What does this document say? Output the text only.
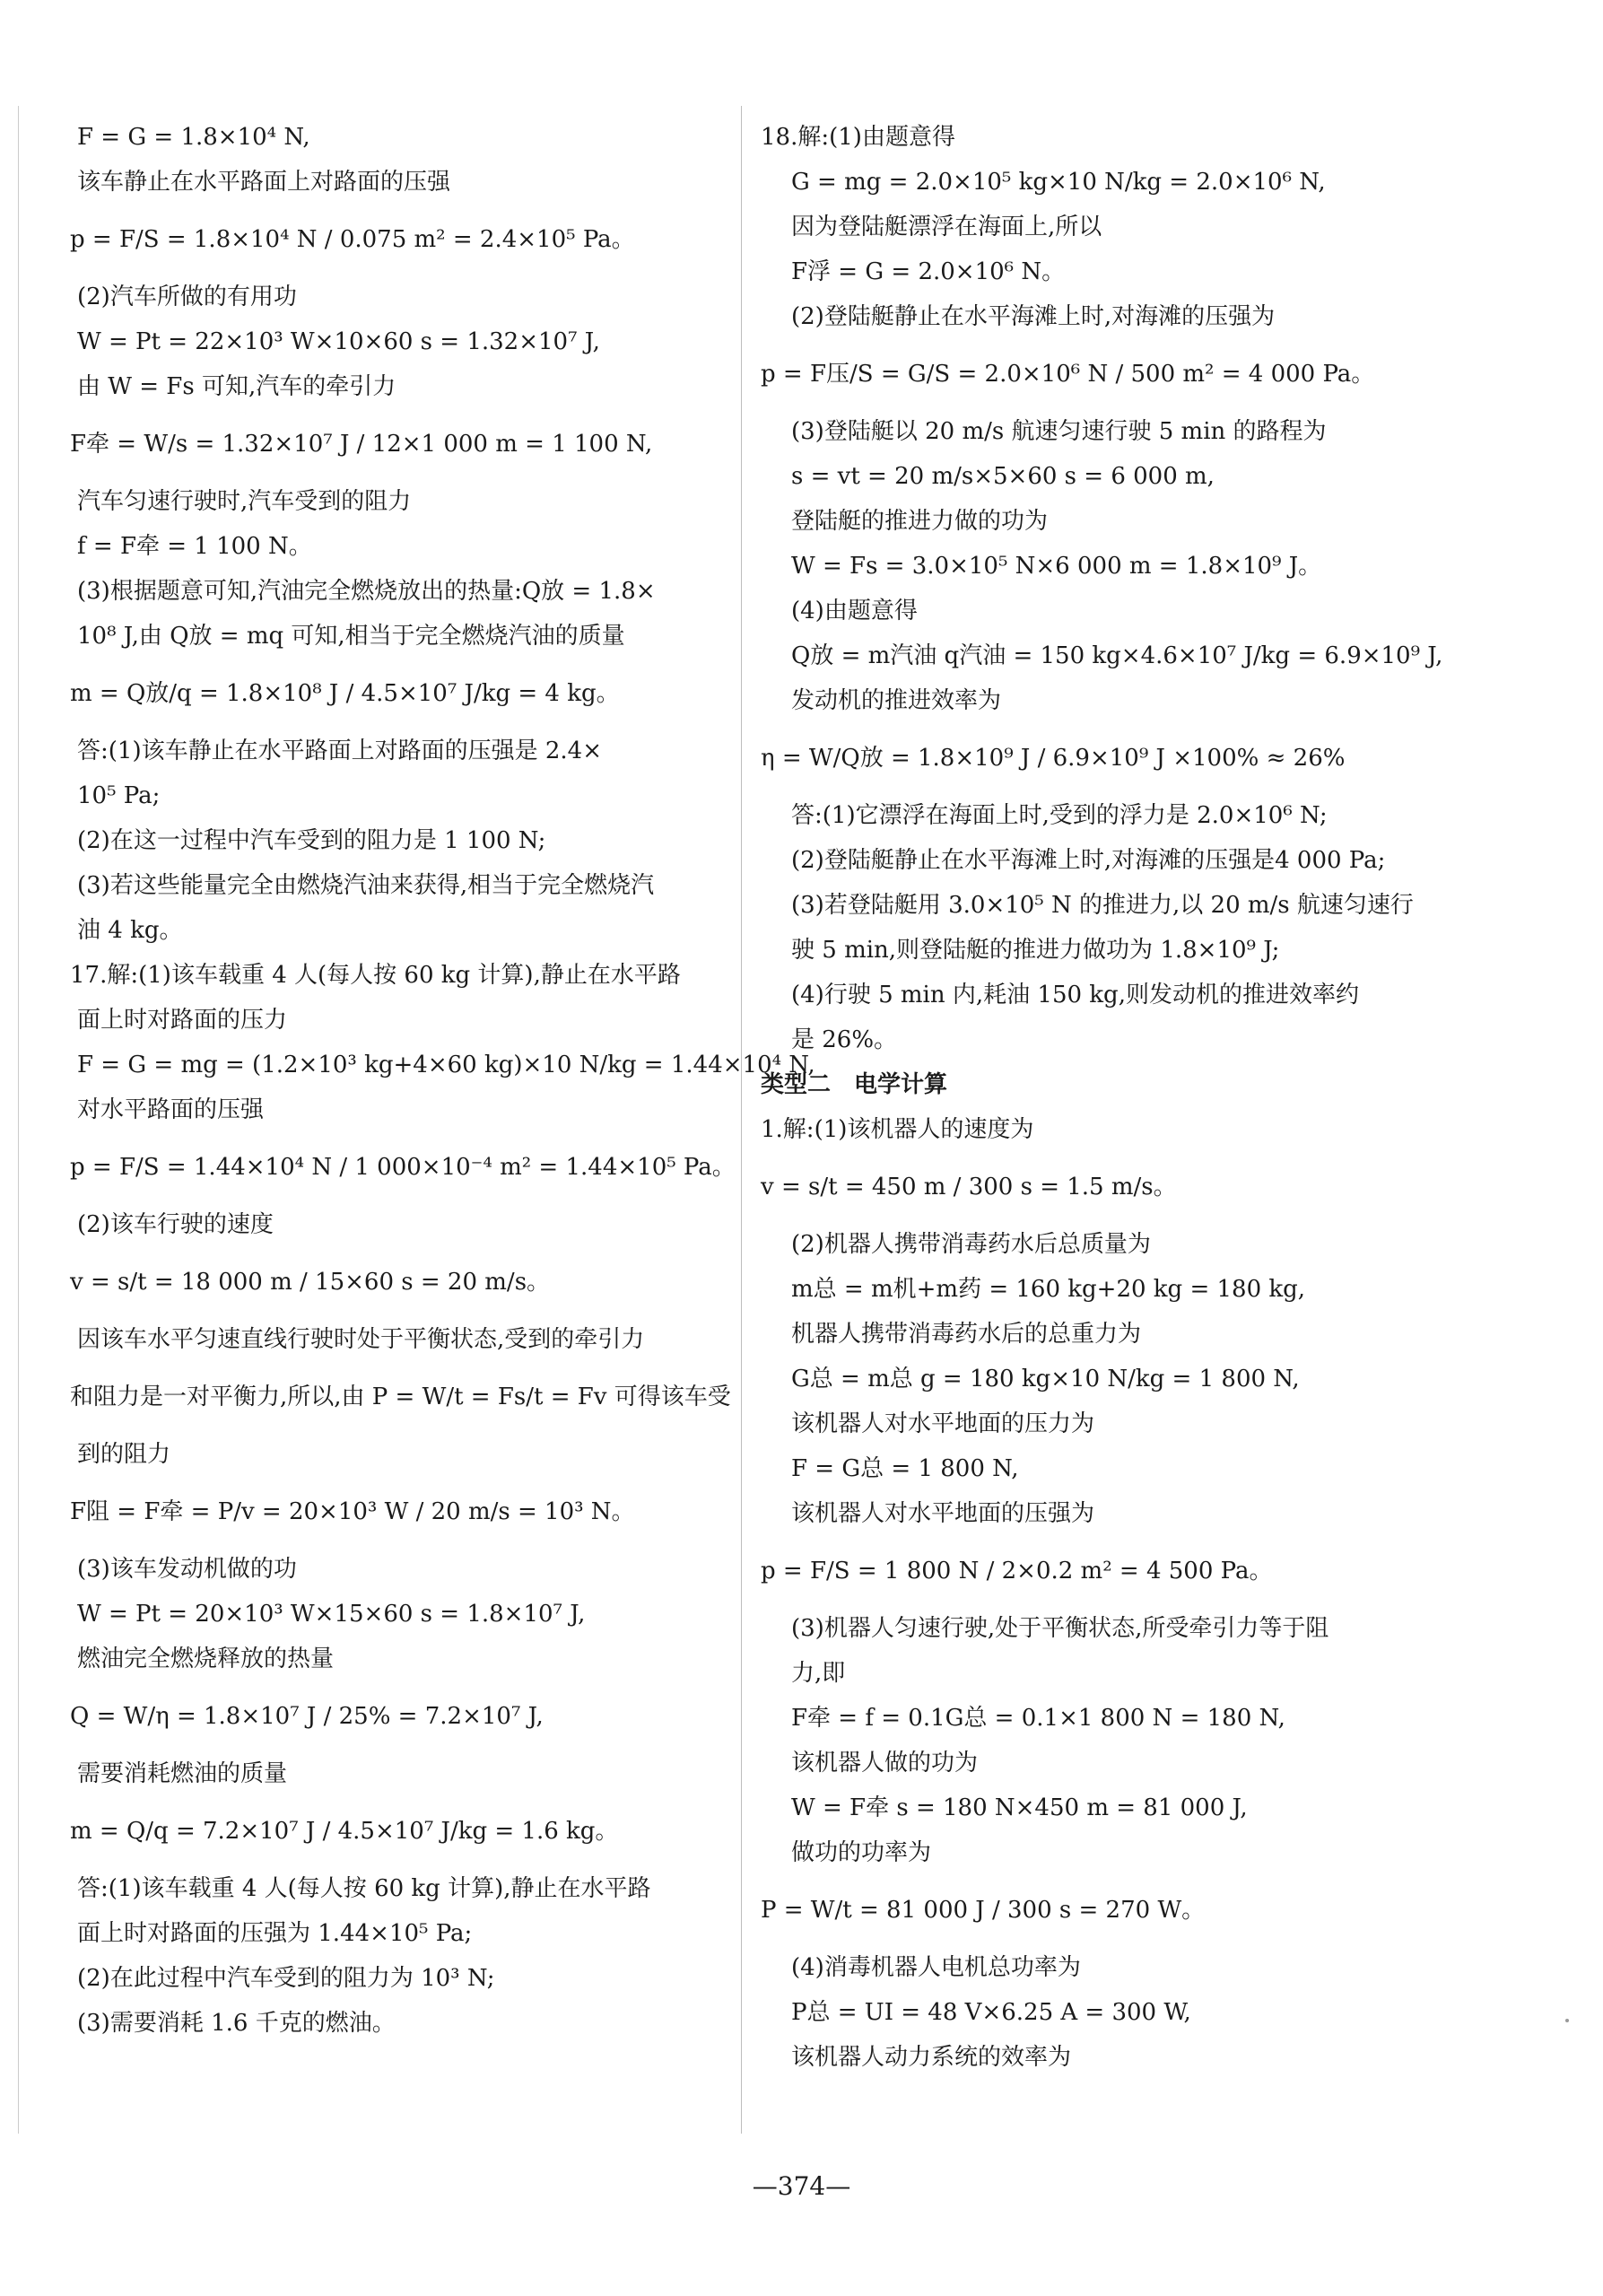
F = G = 1.8×10⁴ N,
该车静止在水平路面上对路面的压强
p = F/S = 1.8×10⁴ N / 0.075 m² = 2.4×10⁵ Pa。
(2)汽车所做的有用功
W = Pt = 22×10³ W×10×60 s = 1.32×10⁷ J,
由 W = Fs 可知,汽车的牵引力
F牵 = W/s = 1.32×10⁷ J / 12×1 000 m = 1 100 N,
汽车匀速行驶时,汽车受到的阻力
f = F牵 = 1 100 N。
(3)根据题意可知,汽油完全燃烧放出的热量:Q放 = 1.8×
10⁸ J,由 Q放 = mq 可知,相当于完全燃烧汽油的质量
m = Q放/q = 1.8×10⁸ J / 4.5×10⁷ J/kg = 4 kg。
答:(1)该车静止在水平路面上对路面的压强是 2.4×
10⁵ Pa;
(2)在这一过程中汽车受到的阻力是 1 100 N;
(3)若这些能量完全由燃烧汽油来获得,相当于完全燃烧汽
油 4 kg。
17.解:(1)该车载重 4 人(每人按 60 kg 计算),静止在水平路
面上时对路面的压力
F = G = mg = (1.2×10³ kg+4×60 kg)×10 N/kg = 1.44×10⁴ N,
对水平路面的压强
p = F/S = 1.44×10⁴ N / 1 000×10⁻⁴ m² = 1.44×10⁵ Pa。
(2)该车行驶的速度
v = s/t = 18 000 m / 15×60 s = 20 m/s。
因该车水平匀速直线行驶时处于平衡状态,受到的牵引力
和阻力是一对平衡力,所以,由 P = W/t = Fs/t = Fv 可得该车受
到的阻力
F阻 = F牵 = P/v = 20×10³ W / 20 m/s = 10³ N。
(3)该车发动机做的功
W = Pt = 20×10³ W×15×60 s = 1.8×10⁷ J,
燃油完全燃烧释放的热量
Q = W/η = 1.8×10⁷ J / 25% = 7.2×10⁷ J,
需要消耗燃油的质量
m = Q/q = 7.2×10⁷ J / 4.5×10⁷ J/kg = 1.6 kg。
答:(1)该车载重 4 人(每人按 60 kg 计算),静止在水平路
面上时对路面的压强为 1.44×10⁵ Pa;
(2)在此过程中汽车受到的阻力为 10³ N;
(3)需要消耗 1.6 千克的燃油。
18.解:(1)由题意得
G = mg = 2.0×10⁵ kg×10 N/kg = 2.0×10⁶ N,
因为登陆艇漂浮在海面上,所以
F浮 = G = 2.0×10⁶ N。
(2)登陆艇静止在水平海滩上时,对海滩的压强为
p = F压/S = G/S = 2.0×10⁶ N / 500 m² = 4 000 Pa。
(3)登陆艇以 20 m/s 航速匀速行驶 5 min 的路程为
s = vt = 20 m/s×5×60 s = 6 000 m,
登陆艇的推进力做的功为
W = Fs = 3.0×10⁵ N×6 000 m = 1.8×10⁹ J。
(4)由题意得
Q放 = m汽油 q汽油 = 150 kg×4.6×10⁷ J/kg = 6.9×10⁹ J,
发动机的推进效率为
η = W/Q放 = 1.8×10⁹ J / 6.9×10⁹ J ×100% ≈ 26%
答:(1)它漂浮在海面上时,受到的浮力是 2.0×10⁶ N;
(2)登陆艇静止在水平海滩上时,对海滩的压强是4 000 Pa;
(3)若登陆艇用 3.0×10⁵ N 的推进力,以 20 m/s 航速匀速行
驶 5 min,则登陆艇的推进力做功为 1.8×10⁹ J;
(4)行驶 5 min 内,耗油 150 kg,则发动机的推进效率约
是 26%。
类型二　电学计算
1.解:(1)该机器人的速度为
v = s/t = 450 m / 300 s = 1.5 m/s。
(2)机器人携带消毒药水后总质量为
m总 = m机+m药 = 160 kg+20 kg = 180 kg,
机器人携带消毒药水后的总重力为
G总 = m总 g = 180 kg×10 N/kg = 1 800 N,
该机器人对水平地面的压力为
F = G总 = 1 800 N,
该机器人对水平地面的压强为
p = F/S = 1 800 N / 2×0.2 m² = 4 500 Pa。
(3)机器人匀速行驶,处于平衡状态,所受牵引力等于阻
力,即
F牵 = f = 0.1G总 = 0.1×1 800 N = 180 N,
该机器人做的功为
W = F牵 s = 180 N×450 m = 81 000 J,
做功的功率为
P = W/t = 81 000 J / 300 s = 270 W。
(4)消毒机器人电机总功率为
P总 = UI = 48 V×6.25 A = 300 W,
该机器人动力系统的效率为
—374—
